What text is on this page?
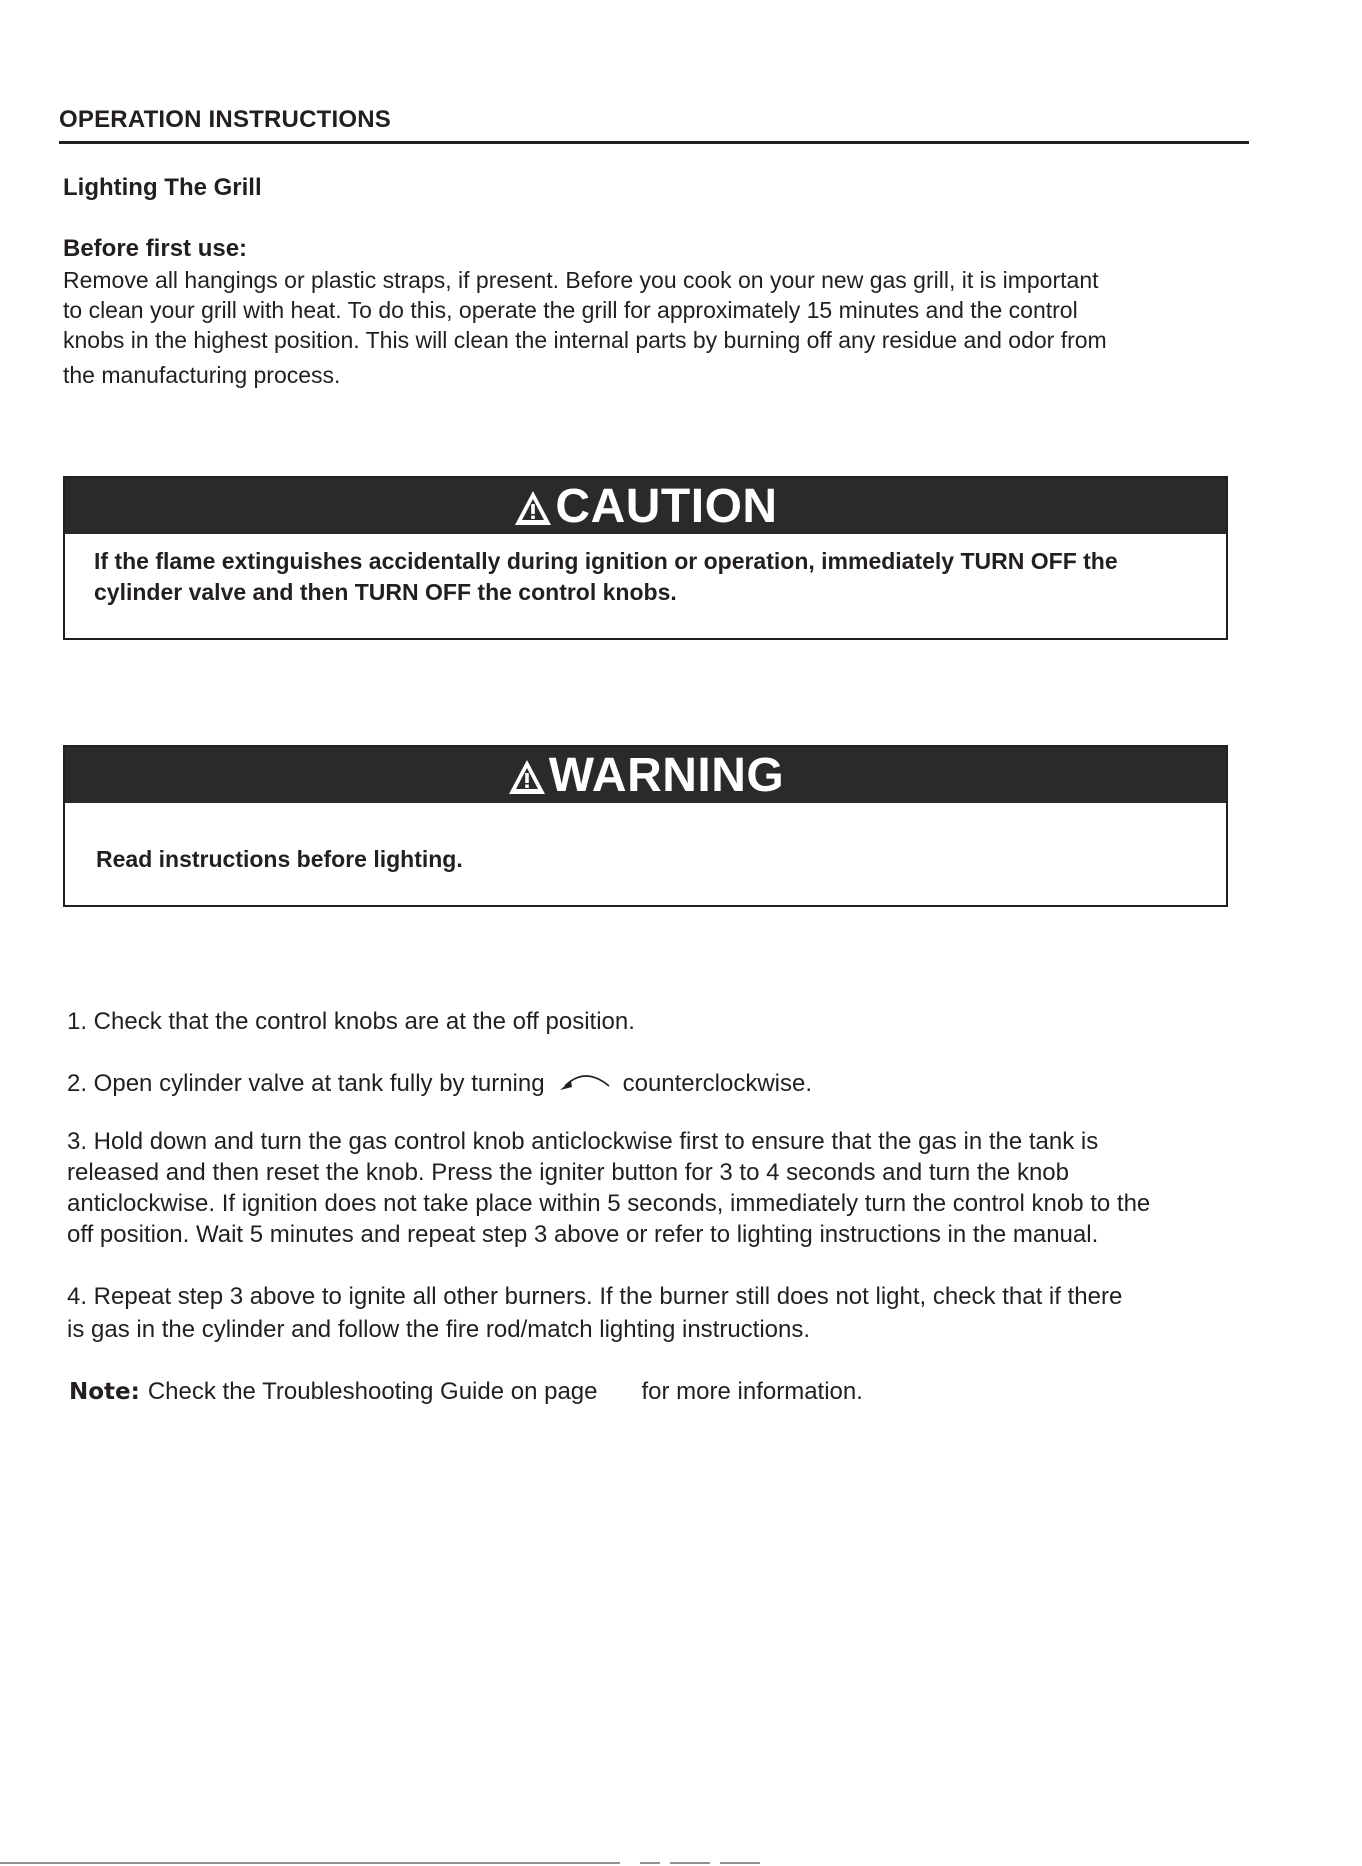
OPERATION INSTRUCTIONS
Lighting The Grill
Before first use:
Remove all hangings or plastic straps, if present. Before you cook on your new gas grill, it is important
to clean your grill with heat. To do this, operate the grill for approximately 15 minutes and the control
knobs in the highest position. This will clean the internal parts by burning off any residue and odor from
the manufacturing process.
CAUTION
If the flame extinguishes accidentally during ignition or operation, immediately TURN OFF the
cylinder valve and then TURN OFF the control knobs.
WARNING
Read instructions before lighting.
1. Check that the control knobs are at the off position.
2. Open cylinder valve at tank fully by turning	counterclockwise.
3. Hold down and turn the gas control knob anticlockwise first to ensure that the gas in the tank is
released and then reset the knob. Press the igniter button for 3 to 4 seconds and turn the knob
anticlockwise. If ignition does not take place within 5 seconds, immediately turn the control knob to the
off position. Wait 5 minutes and repeat step 3 above or refer to lighting instructions in the manual.
4. Repeat step 3 above to ignite all other burners. If the burner still does not light, check that if there
is gas in the cylinder and follow the fire rod/match lighting instructions.
Note: Check the Troubleshooting Guide on page for more information.
